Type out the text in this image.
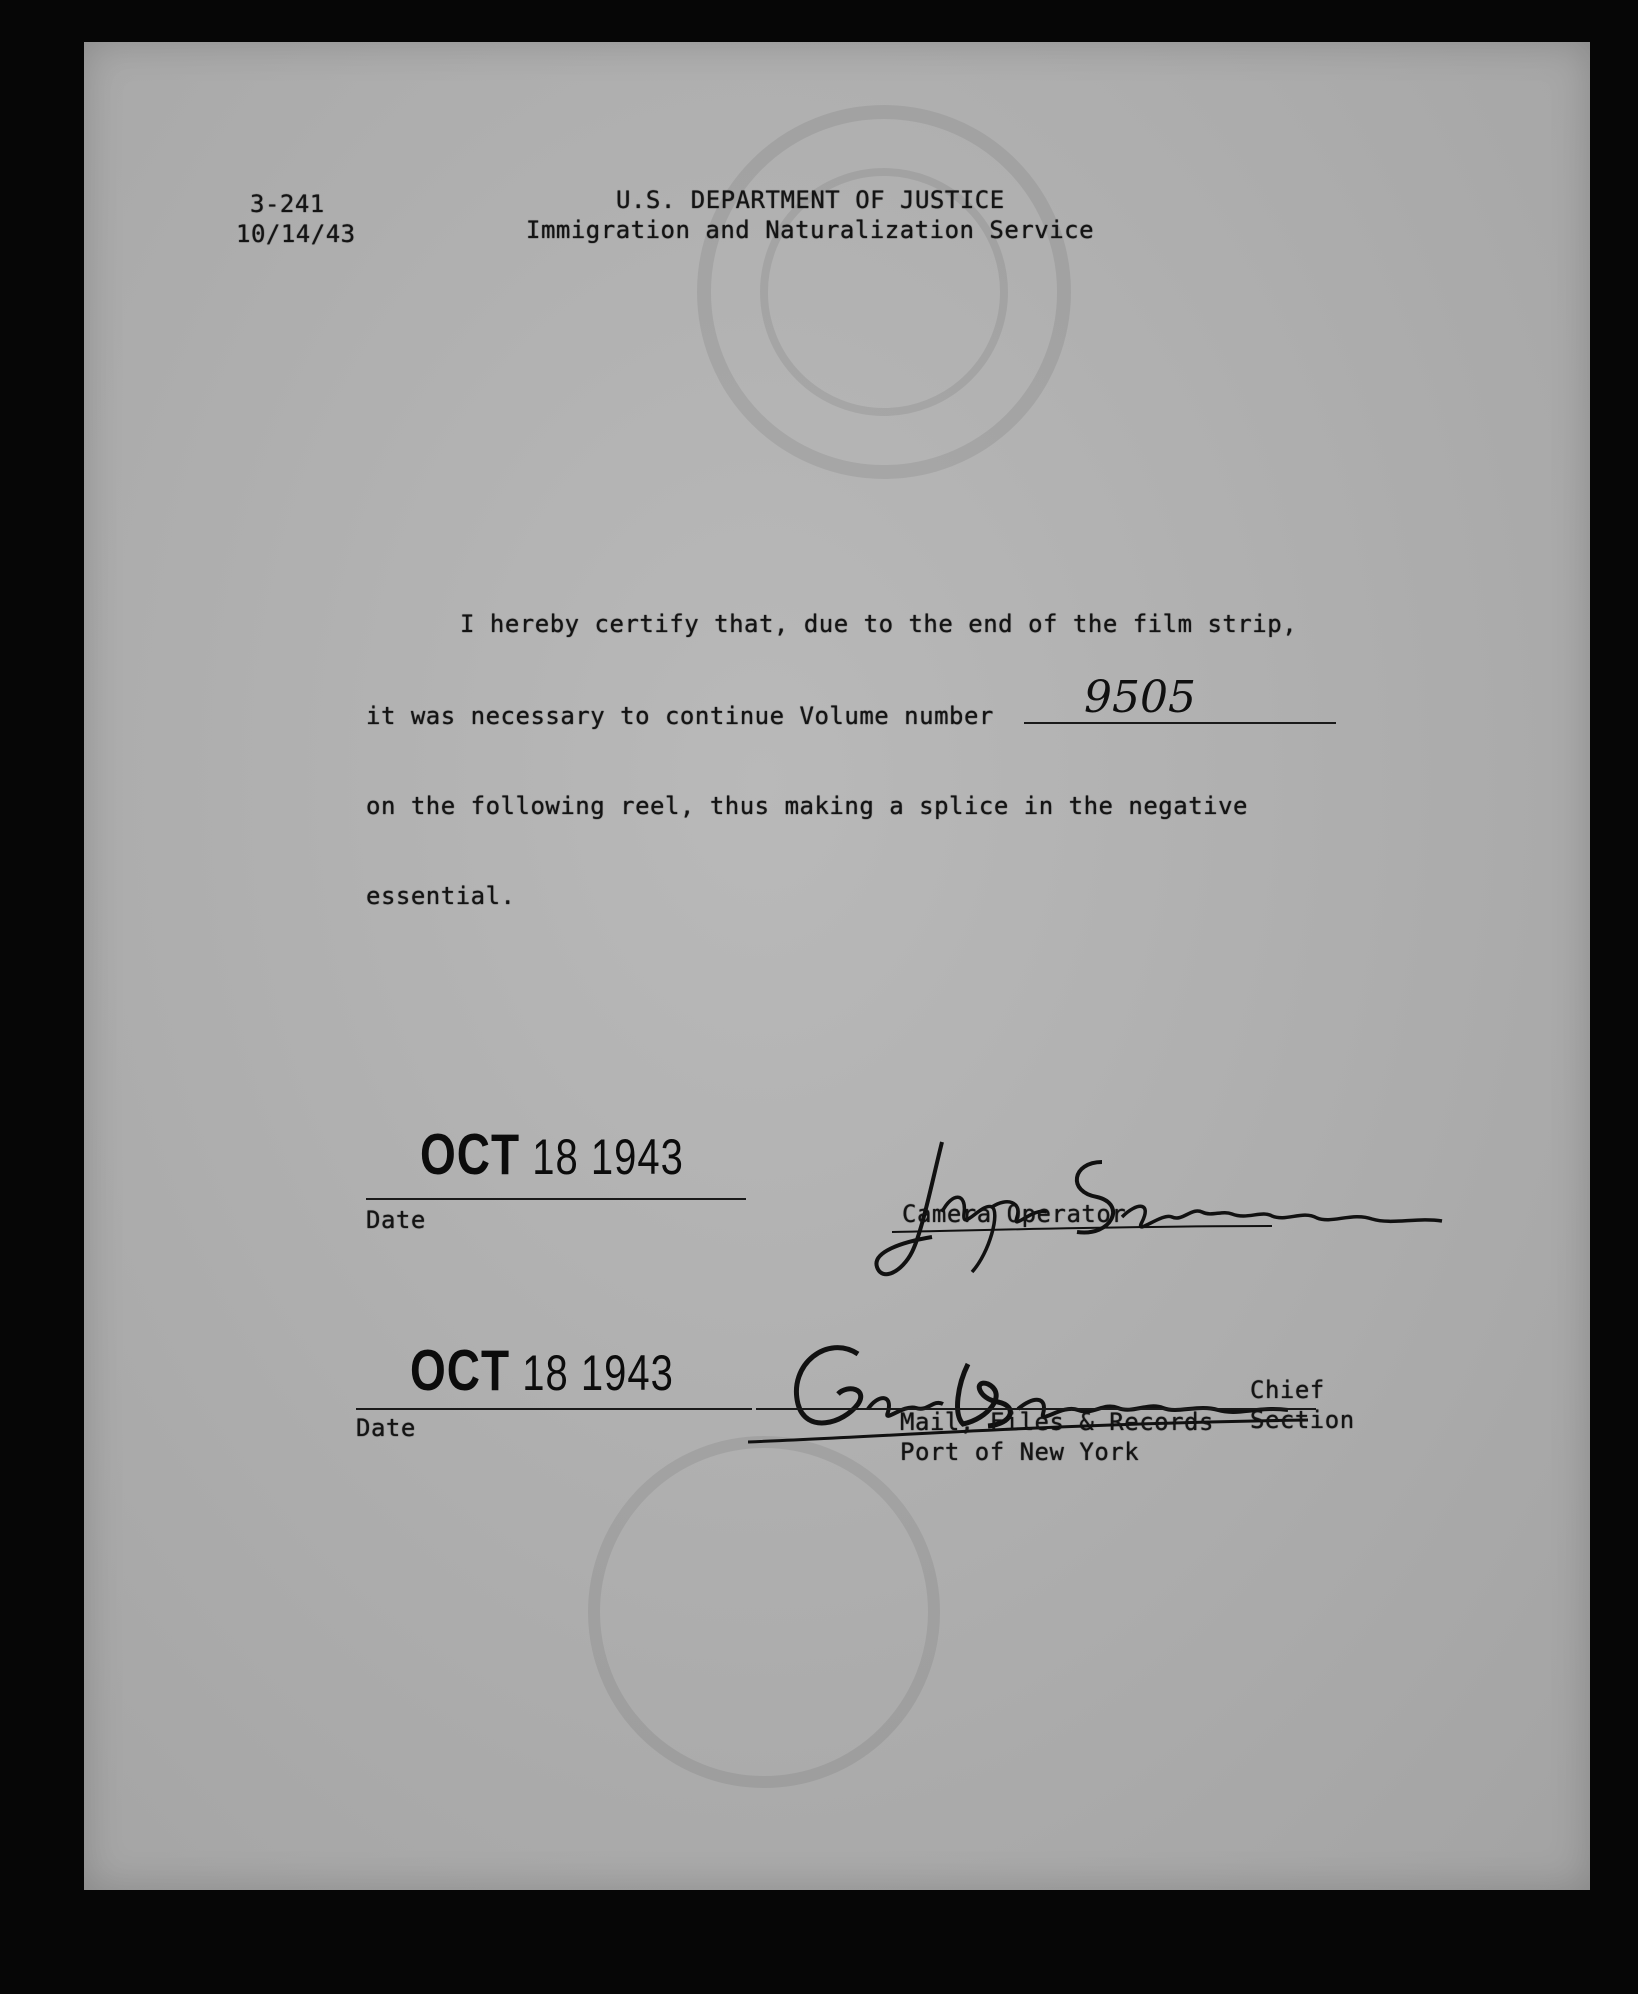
3-241
10/14/43
U.S. DEPARTMENT OF JUSTICE
Immigration and Naturalization Service
I hereby certify that, due to the end of the film strip,
it was necessary to continue Volume number 9505
on the following reel, thus making a splice in the negative
essential.
OCT 18 1943
Date	Camera Operator
OCT 18 1943
Date
Chief
Mail, Files & Records Section
Port of New York
